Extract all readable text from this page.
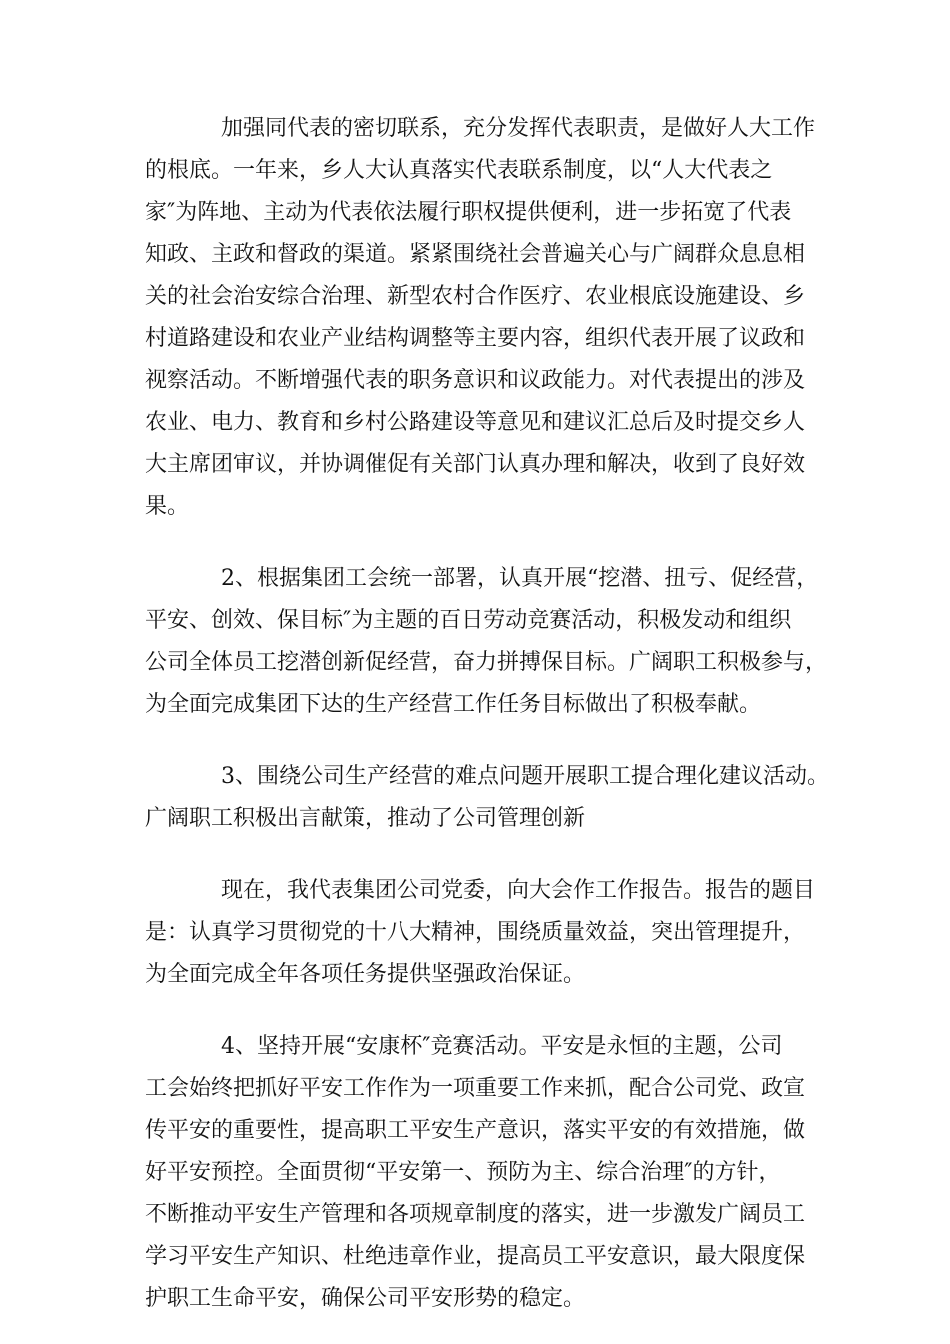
加强同代表的密切联系，充分发挥代表职责，是做好人大工作
的根底。一年来，乡人大认真落实代表联系制度，以“人大代表之
家″为阵地、主动为代表依法履行职权提供便利，进一步拓宽了代表
知政、主政和督政的渠道。紧紧围绕社会普遍关心与广阔群众息息相
关的社会治安综合治理、新型农村合作医疗、农业根底设施建设、乡
村道路建设和农业产业结构调整等主要内容，组织代表开展了议政和
视察活动。不断增强代表的职务意识和议政能力。对代表提出的涉及
农业、电力、教育和乡村公路建设等意见和建议汇总后及时提交乡人
大主席团审议，并协调催促有关部门认真办理和解决，收到了良好效
果。
2、根据集团工会统一部署，认真开展“挖潜、扭亏、促经营，
平安、创效、保目标″为主题的百日劳动竞赛活动，积极发动和组织
公司全体员工挖潜创新促经营，奋力拼搏保目标。广阔职工积极参与，
为全面完成集团下达的生产经营工作任务目标做出了积极奉献。
3、围绕公司生产经营的难点问题开展职工提合理化建议活动。
广阔职工积极出言献策，推动了公司管理创新
现在，我代表集团公司党委，向大会作工作报告。报告的题目
是：认真学习贯彻党的十八大精神，围绕质量效益，突出管理提升，
为全面完成全年各项任务提供坚强政治保证。
4、坚持开展“安康杯″竞赛活动。平安是永恒的主题，公司
工会始终把抓好平安工作作为一项重要工作来抓，配合公司党、政宣
传平安的重要性，提高职工平安生产意识，落实平安的有效措施，做
好平安预控。全面贯彻“平安第一、预防为主、综合治理″的方针，
不断推动平安生产管理和各项规章制度的落实，进一步激发广阔员工
学习平安生产知识、杜绝违章作业，提高员工平安意识，最大限度保
护职工生命平安，确保公司平安形势的稳定。
